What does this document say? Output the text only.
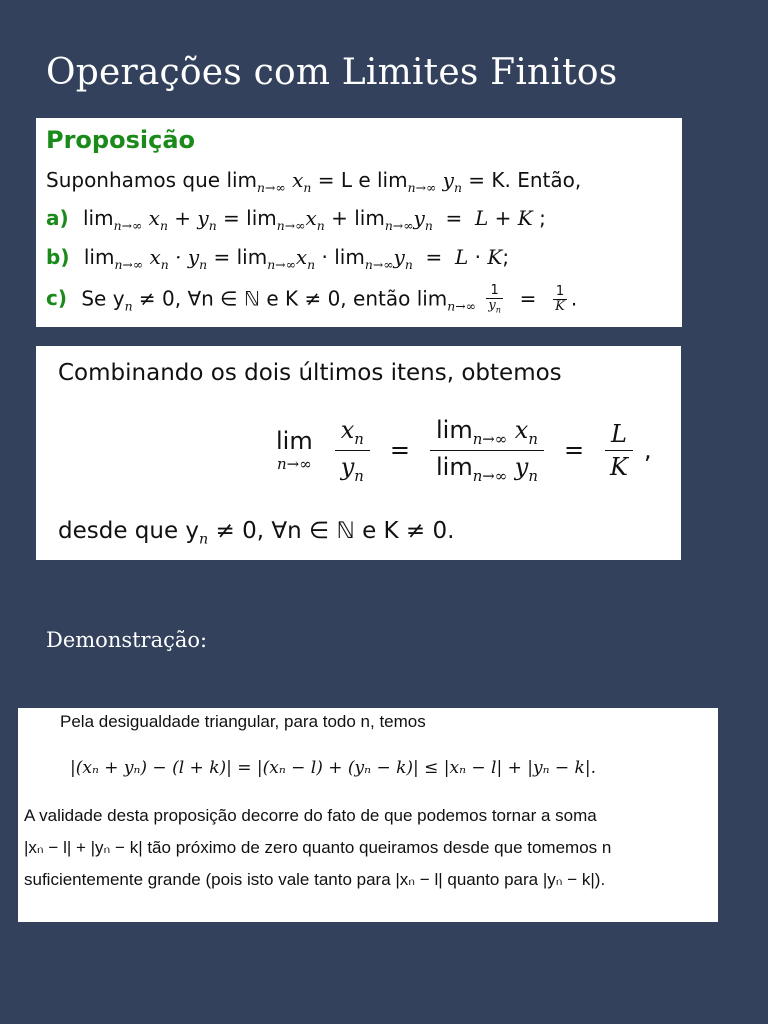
Operações com Limites Finitos
Proposição
Suponhamos que $\lim_{n\to\infty} x_n = L$ e $\lim_{n\to\infty} y_n = K$. Então,
a) $\lim_{n\to\infty} x_n + y_n = \lim_{n\to\infty}x_n + \lim_{n\to\infty}y_n = L + K$ ;
b) $\lim_{n\to\infty} x_n \cdot y_n = \lim_{n\to\infty}x_n \cdot \lim_{n\to\infty}y_n = L \cdot K$;
c) Se $y_n \ne 0$, ∀n ∈ ℕ e K ≠ 0, então $\lim_{n\to\infty} \frac{1}{y_n} = \frac{1}{K}$ .
Combinando os dois últimos itens, obtemos
lim
$n\to\infty \frac{x_n}{y_n} = \frac{\lim_{n\to\infty} x_n}{\lim_{n\to\infty} y_n} = \frac{L}{K}$ ,
desde que $y_n \ne 0$, ∀n ∈ ℕ e K ≠ 0.
Demonstração:
Pela desigualdade triangular, para todo n, temos
|(xₙ + yₙ) − (l + k)| = |(xₙ − l) + (yₙ − k)| ≤ |xₙ − l| + |yₙ − k|.
A validade desta proposição decorre do fato de que podemos tornar a soma
|xₙ − l| + |yₙ − k| tão próximo de zero quanto queiramos desde que tomemos n
suficientemente grande (pois isto vale tanto para |xₙ − l| quanto para |yₙ − k|).
